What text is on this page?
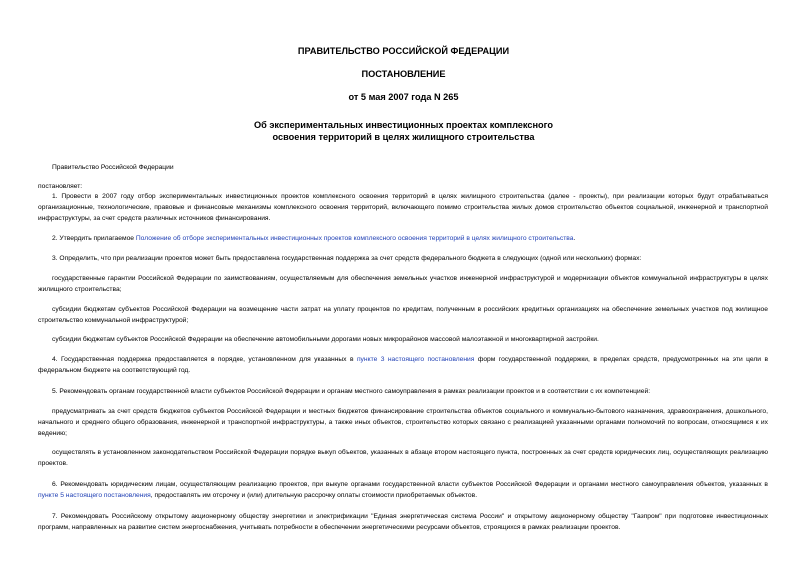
ПРАВИТЕЛЬСТВО РОССИЙСКОЙ ФЕДЕРАЦИИ
ПОСТАНОВЛЕНИЕ
от 5 мая 2007 года N 265
Об экспериментальных инвестиционных проектах комплексного
освоения территорий в целях жилищного строительства
Правительство Российской Федерации
постановляет:
1. Провести в 2007 году отбор экспериментальных инвестиционных проектов комплексного освоения территорий в целях жилищного строительства (далее - проекты), при реализации которых будут отрабатываться организационные, технологические, правовые и финансовые механизмы комплексного освоения территорий, включающего помимо строительства жилых домов строительство объектов социальной, инженерной и транспортной инфраструктуры, за счет средств различных источников финансирования.
2. Утвердить прилагаемое Положение об отборе экспериментальных инвестиционных проектов комплексного освоения территорий в целях жилищного строительства.
3. Определить, что при реализации проектов может быть предоставлена государственная поддержка за счет средств федерального бюджета в следующих (одной или нескольких) формах:
государственные гарантии Российской Федерации по заимствованиям, осуществляемым для обеспечения земельных участков инженерной инфраструктурой и модернизации объектов коммунальной инфраструктуры в целях жилищного строительства;
субсидии бюджетам субъектов Российской Федерации на возмещение части затрат на уплату процентов по кредитам, полученным в российских кредитных организациях на обеспечение земельных участков под жилищное строительство коммунальной инфраструктурой;
субсидии бюджетам субъектов Российской Федерации на обеспечение автомобильными дорогами новых микрорайонов массовой малоэтажной и многоквартирной застройки.
4. Государственная поддержка предоставляется в порядке, установленном для указанных в пункте 3 настоящего постановления форм государственной поддержки, в пределах средств, предусмотренных на эти цели в федеральном бюджете на соответствующий год.
5. Рекомендовать органам государственной власти субъектов Российской Федерации и органам местного самоуправления в рамках реализации проектов и в соответствии с их компетенцией:
предусматривать за счет средств бюджетов субъектов Российской Федерации и местных бюджетов финансирование строительства объектов социального и коммунально-бытового назначения, здравоохранения, дошкольного, начального и среднего общего образования, инженерной и транспортной инфраструктуры, а также иных объектов, строительство которых связано с реализацией указанными органами полномочий по вопросам, относящимся к их ведению;
осуществлять в установленном законодательством Российской Федерации порядке выкуп объектов, указанных в абзаце втором настоящего пункта, построенных за счет средств юридических лиц, осуществляющих реализацию проектов.
6. Рекомендовать юридическим лицам, осуществляющим реализацию проектов, при выкупе органами государственной власти субъектов Российской Федерации и органами местного самоуправления объектов, указанных в пункте 5 настоящего постановления, предоставлять им отсрочку и (или) длительную рассрочку оплаты стоимости приобретаемых объектов.
7. Рекомендовать Российскому открытому акционерному обществу энергетики и электрификации "Единая энергетическая система России" и открытому акционерному обществу "Газпром" при подготовке инвестиционных программ, направленных на развитие систем энергоснабжения, учитывать потребности в обеспечении энергетическими ресурсами объектов, строящихся в рамках реализации проектов.
